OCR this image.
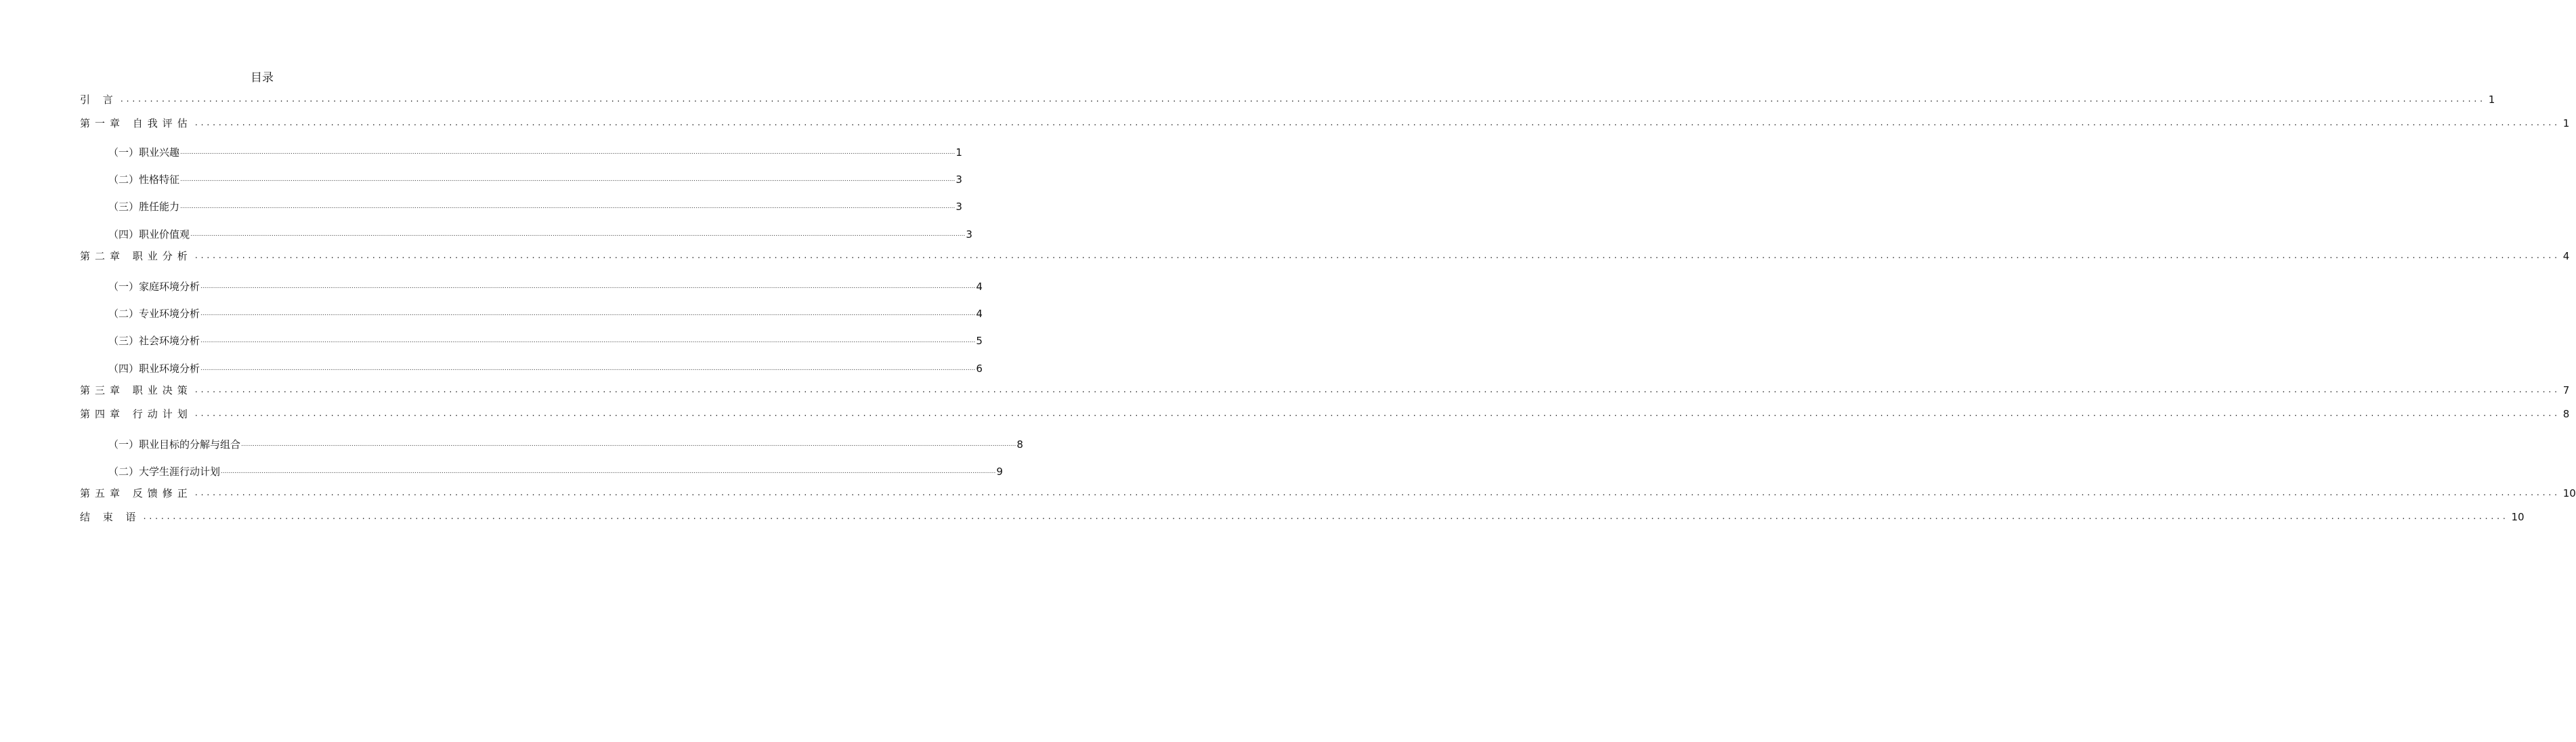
目录
引 言 ................................................................................................................................................................................................................................................................................................................................................................................................................ 1
第一章 自我评估 ................................................................................................................................................................................................................................................................................................................................................................................................................ 1
（一）职业兴趣 ................................................................................................................................................................................................................................................................................................................................................................................................................ 1
（二）性格特征 ................................................................................................................................................................................................................................................................................................................................................................................................................ 3
（三）胜任能力 ................................................................................................................................................................................................................................................................................................................................................................................................................ 3
（四）职业价值观 ................................................................................................................................................................................................................................................................................................................................................................................................................ 3
第二章 职业分析 ................................................................................................................................................................................................................................................................................................................................................................................................................ 4
（一）家庭环境分析 ................................................................................................................................................................................................................................................................................................................................................................................................................ 4
（二）专业环境分析 ................................................................................................................................................................................................................................................................................................................................................................................................................ 4
（三）社会环境分析 ................................................................................................................................................................................................................................................................................................................................................................................................................ 5
（四）职业环境分析 ................................................................................................................................................................................................................................................................................................................................................................................................................ 6
第三章 职业决策 ................................................................................................................................................................................................................................................................................................................................................................................................................ 7
第四章 行动计划 ................................................................................................................................................................................................................................................................................................................................................................................................................ 8
（一）职业目标的分解与组合 ................................................................................................................................................................................................................................................................................................................................................................................................................ 8
（二）大学生涯行动计划 ................................................................................................................................................................................................................................................................................................................................................................................................................ 9
第五章 反馈修正 ................................................................................................................................................................................................................................................................................................................................................................................................................ 10
结 束 语 ................................................................................................................................................................................................................................................................................................................................................................................................................ 10
